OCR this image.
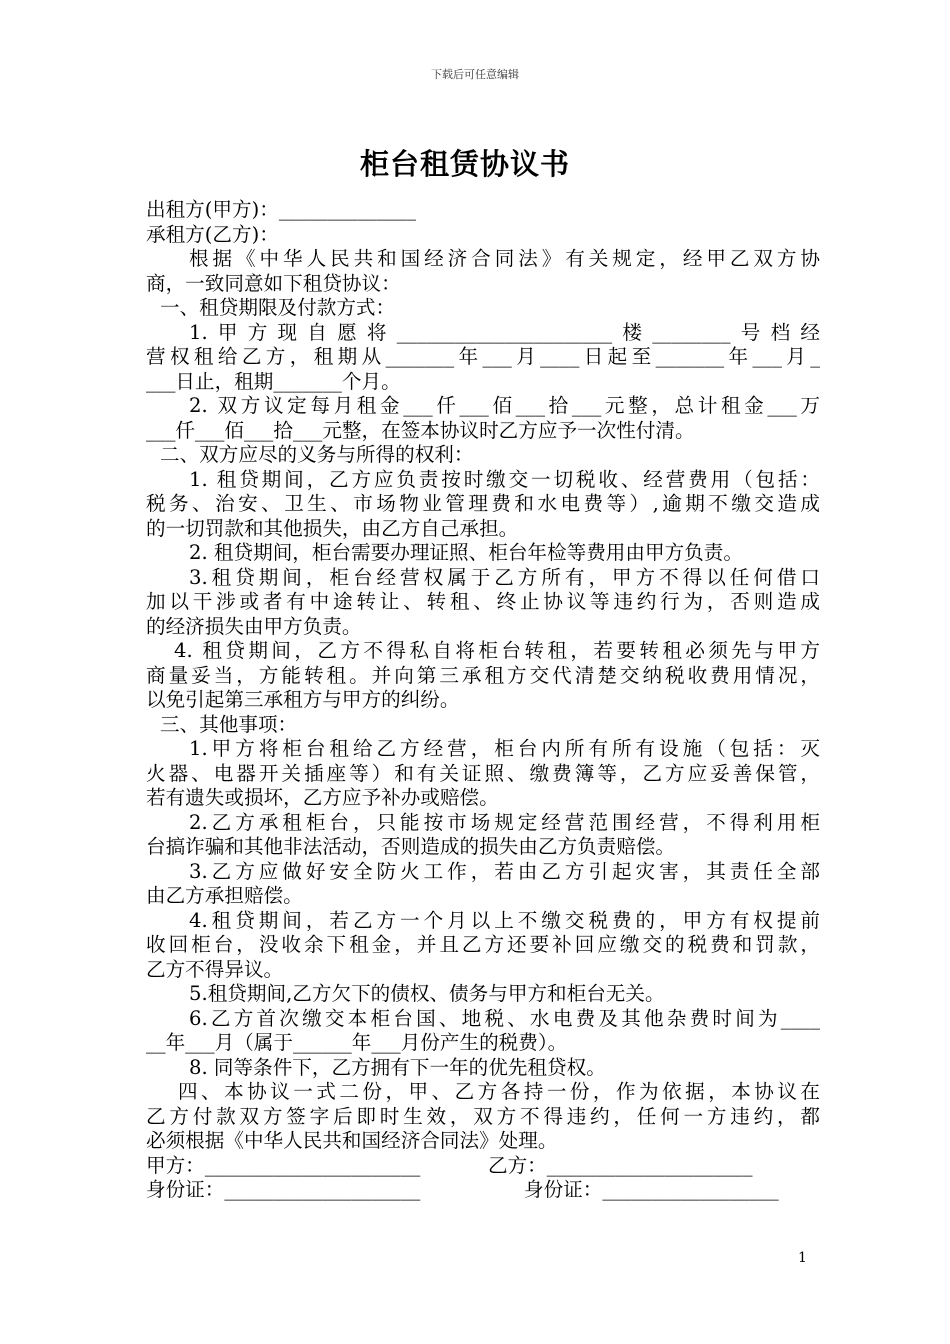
下载后可任意编辑
柜台租赁协议书
出租方(甲方)：______________
承租方(乙方)：
根据《中华人民共和国经济合同法》有关规定，经甲乙双方协
商，一致同意如下租贷协议：
一、租贷期限及付款方式：
1.甲方现自愿将______________________楼________号档经
营权租给乙方，租期从_______年___月____日起至_______年___月_
___日止，租期_______个月。
2. 双方议定每月租金___仟___佰___拾___元整，总计租金___万
___仟___佰___拾___元整，在签本协议时乙方应予一次性付清。
二、双方应尽的义务与所得的权利：
1. 租贷期间，乙方应负责按时缴交一切税收、经营费用（包括：
税务、治安、卫生、市场物业管理费和水电费等）,逾期不缴交造成
的一切罚款和其他损失，由乙方自己承担。
2. 租贷期间，柜台需要办理证照、柜台年检等费用由甲方负责。
3.租贷期间，柜台经营权属于乙方所有，甲方不得以任何借口
加以干涉或者有中途转让、转租、终止协议等违约行为，否则造成
的经济损失由甲方负责。
4. 租贷期间，乙方不得私自将柜台转租，若要转租必须先与甲方
商量妥当，方能转租。并向第三承租方交代清楚交纳税收费用情况，
以免引起第三承租方与甲方的纠纷。
三、其他事项：
1.甲方将柜台租给乙方经营，柜台内所有所有设施（包括：灭
火器、电器开关插座等）和有关证照、缴费簿等，乙方应妥善保管，
若有遗失或损坏，乙方应予补办或赔偿。
2.乙方承租柜台，只能按市场规定经营范围经营，不得利用柜
台搞诈骗和其他非法活动，否则造成的损失由乙方负责赔偿。
3.乙方应做好安全防火工作，若由乙方引起灾害，其责任全部
由乙方承担赔偿。
4.租贷期间，若乙方一个月以上不缴交税费的，甲方有权提前
收回柜台，没收余下租金，并且乙方还要补回应缴交的税费和罚款，
乙方不得异议。
5.租贷期间,乙方欠下的债权、债务与甲方和柜台无关。
6.乙方首次缴交本柜台国、地税、水电费及其他杂费时间为____
__年___月（属于______年___月份产生的税费）。
8. 同等条件下，乙方拥有下一年的优先租贷权。
四、本协议一式二份，甲、乙方各持一份，作为依据，本协议在
乙方付款双方签字后即时生效，双方不得违约，任何一方违约，都
必须根据《中华人民共和国经济合同法》处理。
甲方：______________________	乙方：_____________________
身份证：____________________	身份证：__________________
1
